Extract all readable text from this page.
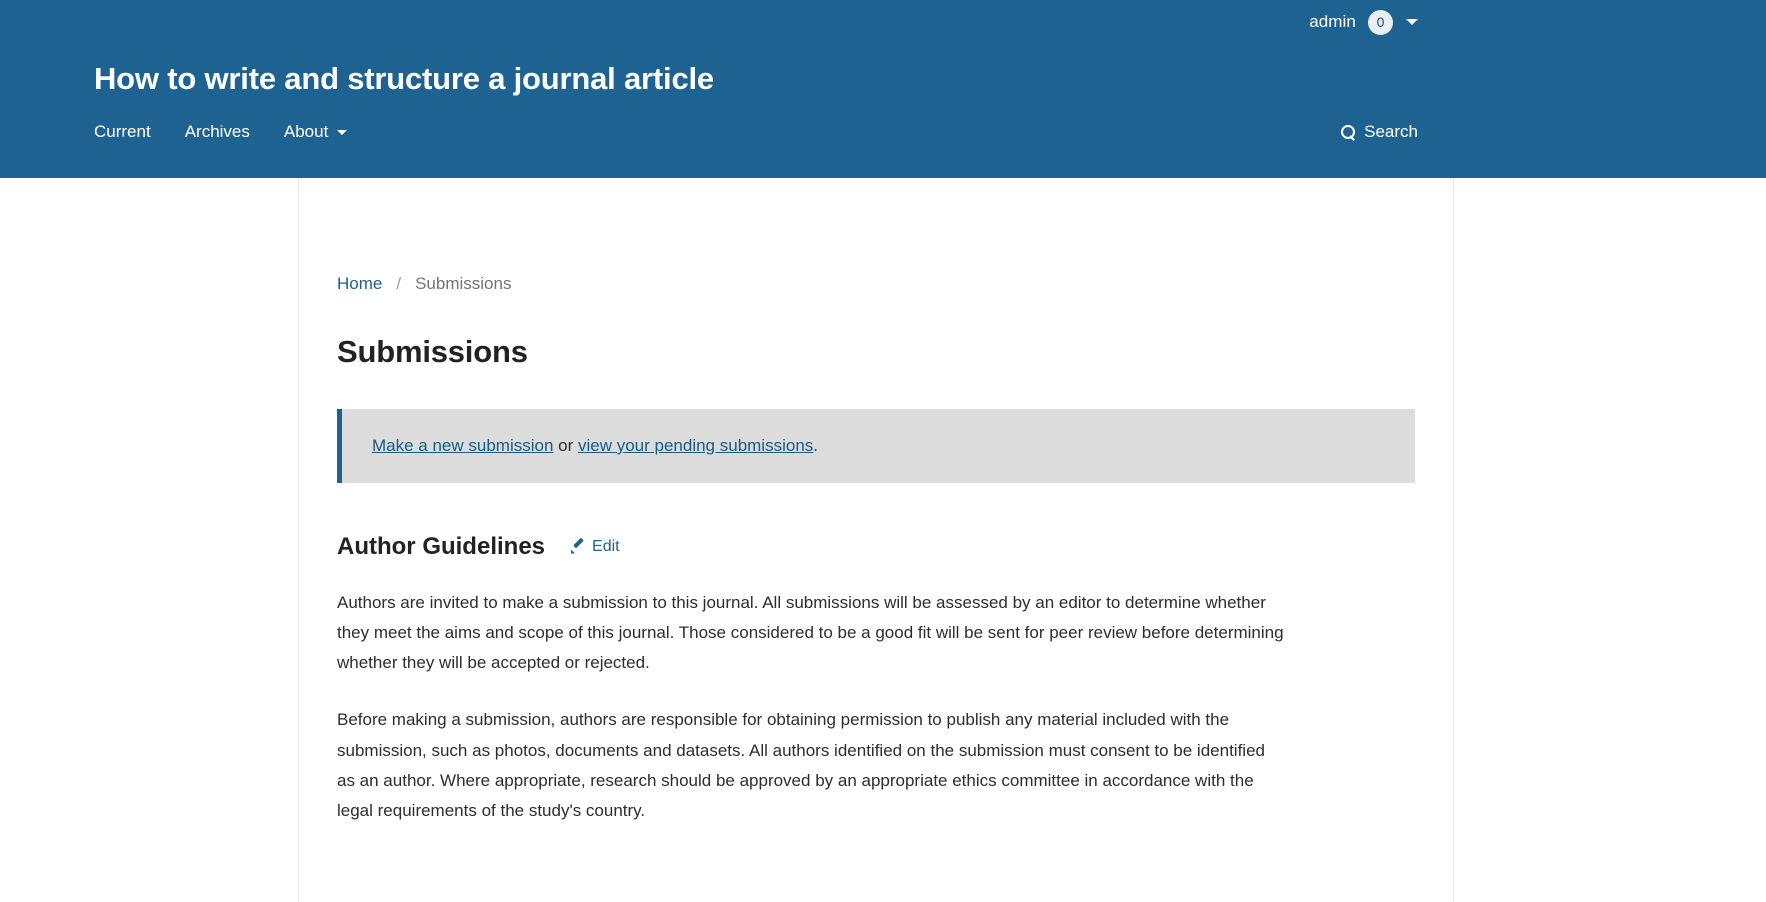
admin	0
How to write and structure a journal article
Current Archives About	Search
Home / Submissions
Submissions
Make a new submission or view your pending submissions.
Author Guidelines	Edit

Authors are invited to make a submission to this journal. All submissions will be assessed by an editor to determine whether they meet the aims and scope of this journal. Those considered to be a good fit will be sent for peer review before determining whether they will be accepted or rejected.

Before making a submission, authors are responsible for obtaining permission to publish any material included with the submission, such as photos, documents and datasets. All authors identified on the submission must consent to be identified as an author. Where appropriate, research should be approved by an appropriate ethics committee in accordance with the legal requirements of the study's country.
